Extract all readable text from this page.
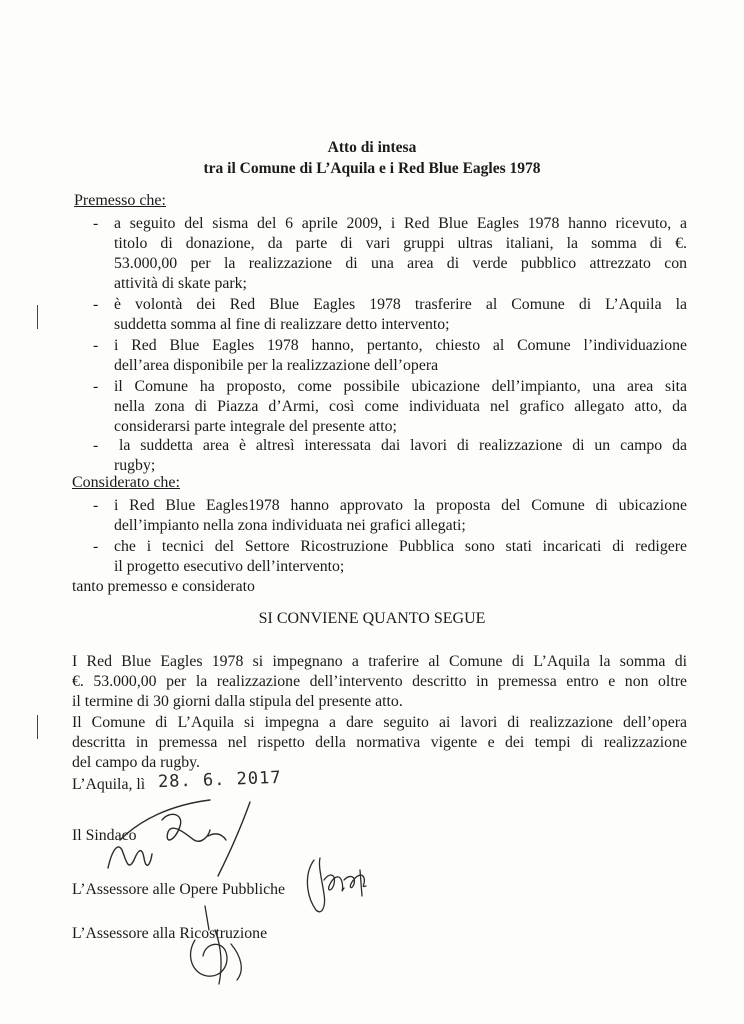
Atto di intesa
tra il Comune di L’Aquila e i Red Blue Eagles 1978
Premesso che:
- a seguito del sisma del 6 aprile 2009, i Red Blue Eagles 1978 hanno ricevuto, a
titolo di donazione, da parte di vari gruppi ultras italiani, la somma di €.
53.000,00 per la realizzazione di una area di verde pubblico attrezzato con
attività di skate park;
- è volontà dei Red Blue Eagles 1978 trasferire al Comune di L’Aquila la
suddetta somma al fine di realizzare detto intervento;
- i Red Blue Eagles 1978 hanno, pertanto, chiesto al Comune l’individuazione
dell’area disponibile per la realizzazione dell’opera
- il Comune ha proposto, come possibile ubicazione dell’impianto, una area sita
nella zona di Piazza d’Armi, così come individuata nel grafico allegato atto, da
considerarsi parte integrale del presente atto;
- la suddetta area è altresì interessata dai lavori di realizzazione di un campo da
rugby;
Considerato che:
- i Red Blue Eagles1978 hanno approvato la proposta del Comune di ubicazione
dell’impianto nella zona individuata nei grafici allegati;
- che i tecnici del Settore Ricostruzione Pubblica sono stati incaricati di redigere
il progetto esecutivo dell’intervento;
tanto premesso e considerato
SI CONVIENE QUANTO SEGUE
I Red Blue Eagles 1978 si impegnano a traferire al Comune di L’Aquila la somma di
€. 53.000,00 per la realizzazione dell’intervento descritto in premessa entro e non oltre
il termine di 30 giorni dalla stipula del presente atto.
Il Comune di L’Aquila si impegna a dare seguito ai lavori di realizzazione dell’opera
descritta in premessa nel rispetto della normativa vigente e dei tempi di realizzazione
del campo da rugby.
L’Aquila, lì 28. 6. 2017
Il Sindaco
L’Assessore alle Opere Pubbliche
L’Assessore alla Ricostruzione
